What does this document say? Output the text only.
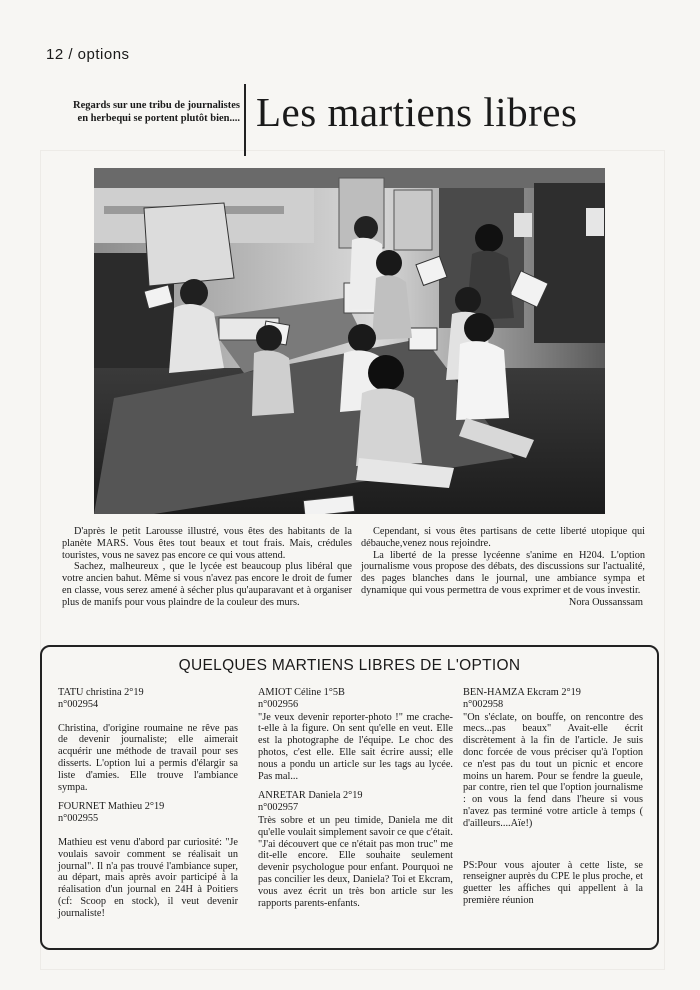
12 / options
Regards sur une tribu de journalistes en herbequi se portent plutôt bien.... Les martiens libres

D'après le petit Larousse illustré, vous êtes des habitants de la planète MARS. Vous êtes tout beaux et tout frais. Mais, crédules touristes, vous ne savez pas encore ce qui vous attend.

Sachez, malheureux , que le lycée est beaucoup plus libéral que votre ancien bahut. Même si vous n'avez pas encore le droit de fumer en classe, vous serez amené à sécher plus qu'auparavant et à organiser plus de manifs pour vous plaindre de la couleur des murs.

Cependant, si vous êtes partisans de cette liberté utopique qui débauche,venez nous rejoindre.

La liberté de la presse lycéenne s'anime en H204. L'option journalisme vous propose des débats, des discussions sur l'actualité, des pages blanches dans le journal, une ambiance sympa et dynamique qui vous permettra de vous exprimer et de vous investir.

Nora Oussanssam
QUELQUES MARTIENS LIBRES DE L'OPTION
TATU christina 2°19
n°002954
Christina, d'origine roumaine ne rêve pas de devenir journaliste; elle aimerait acquérir une méthode de travail pour ses disserts. L'option lui a permis d'élargir sa liste d'amies. Elle trouve l'ambiance sympa.
FOURNET Mathieu 2°19
n°002955
Mathieu est venu d'abord par curiosité: "Je voulais savoir comment se réalisait un journal". Il n'a pas trouvé l'ambiance super, au départ, mais après avoir participé à la réalisation d'un journal en 24H à Poitiers (cf: Scoop en stock), il veut devenir journaliste!
AMIOT Céline 1°5B
n°002956
"Je veux devenir reporter-photo !" me crache-t-elle à la figure. On sent qu'elle en veut. Elle est la photographe de l'équipe. Le choc des photos, c'est elle. Elle sait écrire aussi; elle nous a pondu un article sur les tags au lycée. Pas mal...
ANRETAR Daniela 2°19
n°002957
Très sobre et un peu timide, Daniela me dit qu'elle voulait simplement savoir ce que c'était. "J'ai découvert que ce n'était pas mon truc" me dit-elle encore. Elle souhaite seulement devenir psychologue pour enfant. Pourquoi ne pas concilier les deux, Daniela? Toi et Ekcram, vous avez écrit un très bon article sur les rapports parents-enfants.
BEN-HAMZA Ekcram 2°19
n°002958
"On s'éclate, on bouffe, on rencontre des mecs...pas beaux" Avait-elle écrit discrètement à la fin de l'article. Je suis donc forcée de vous préciser qu'à l'option ce n'est pas du tout un picnic et encore moins un harem. Pour se fendre la gueule, par contre, rien tel que l'option journalisme : on vous la fend dans l'heure si vous n'avez pas terminé votre article à temps ( d'ailleurs....Aïe!)
PS:Pour vous ajouter à cette liste, se renseigner auprès du CPE le plus proche, et guetter les affiches qui appellent à la première réunion
